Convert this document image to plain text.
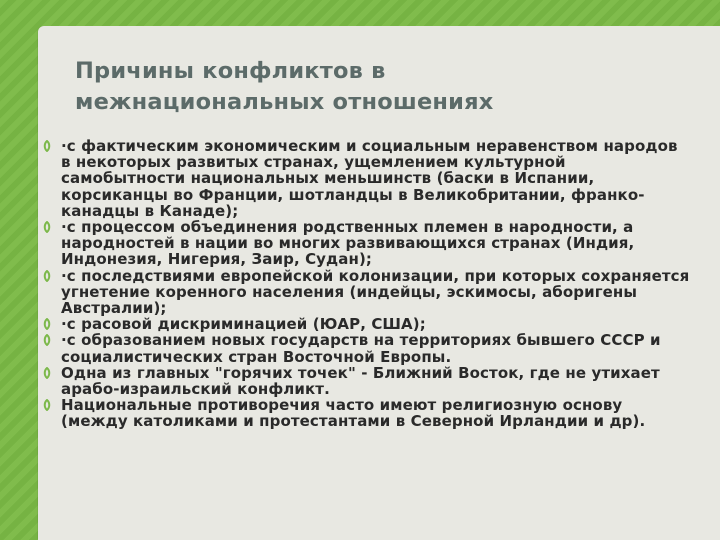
Причины конфликтов в межнациональных отношениях
·с фактическим экономическим и социальным неравенством народов в некоторых развитых странах, ущемлением культурной самобытности национальных меньшинств (баски в Испании, корсиканцы во Франции, шотландцы в Великобритании, франко-канадцы в Канаде);
·с процессом объединения родственных племен в народности, а народностей в нации во многих развивающихся странах (Индия, Индонезия, Нигерия, Заир, Судан);
·с последствиями европейской колонизации, при которых сохраняется угнетение коренного населения (индейцы, эскимосы, аборигены Австралии);
·с расовой дискриминацией (ЮАР, США);
·с образованием новых государств на территориях бывшего СССР и социалистических стран Восточной Европы.
Одна из главных "горячих точек" - Ближний Восток, где не утихает арабо-израильский конфликт.
Национальные противоречия часто имеют религиозную основу (между католиками и протестантами в Северной Ирландии и др).
